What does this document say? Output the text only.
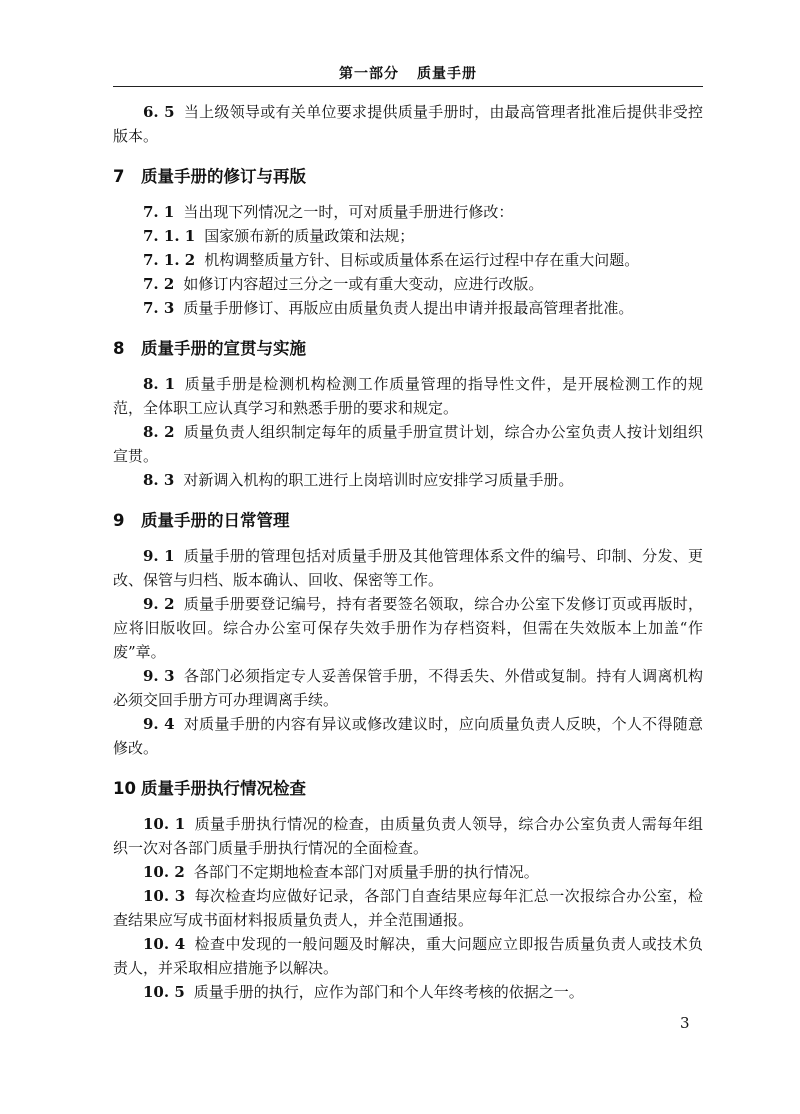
第一部分 质量手册

6. 5 当上级领导或有关单位要求提供质量手册时，由最高管理者批准后提供非受控版本。

7 质量手册的修订与再版

7. 1 当出现下列情况之一时，可对质量手册进行修改：

7. 1. 1 国家颁布新的质量政策和法规；

7. 1. 2 机构调整质量方针、目标或质量体系在运行过程中存在重大问题。

7. 2 如修订内容超过三分之一或有重大变动，应进行改版。

7. 3 质量手册修订、再版应由质量负责人提出申请并报最高管理者批准。

8 质量手册的宣贯与实施

8. 1 质量手册是检测机构检测工作质量管理的指导性文件，是开展检测工作的规范，全体职工应认真学习和熟悉手册的要求和规定。

8. 2 质量负责人组织制定每年的质量手册宣贯计划，综合办公室负责人按计划组织宣贯。

8. 3 对新调入机构的职工进行上岗培训时应安排学习质量手册。

9 质量手册的日常管理

9. 1 质量手册的管理包括对质量手册及其他管理体系文件的编号、印制、分发、更改、保管与归档、版本确认、回收、保密等工作。

9. 2 质量手册要登记编号，持有者要签名领取，综合办公室下发修订页或再版时，应将旧版收回。综合办公室可保存失效手册作为存档资料，但需在失效版本上加盖“作废”章。

9. 3 各部门必须指定专人妥善保管手册，不得丢失、外借或复制。持有人调离机构必须交回手册方可办理调离手续。

9. 4 对质量手册的内容有异议或修改建议时，应向质量负责人反映，个人不得随意修改。

10 质量手册执行情况检查

10. 1 质量手册执行情况的检查，由质量负责人领导，综合办公室负责人需每年组织一次对各部门质量手册执行情况的全面检查。

10. 2 各部门不定期地检查本部门对质量手册的执行情况。

10. 3 每次检查均应做好记录，各部门自查结果应每年汇总一次报综合办公室，检查结果应写成书面材料报质量负责人，并全范围通报。

10. 4 检查中发现的一般问题及时解决，重大问题应立即报告质量负责人或技术负责人，并采取相应措施予以解决。

10. 5 质量手册的执行，应作为部门和个人年终考核的依据之一。

3
